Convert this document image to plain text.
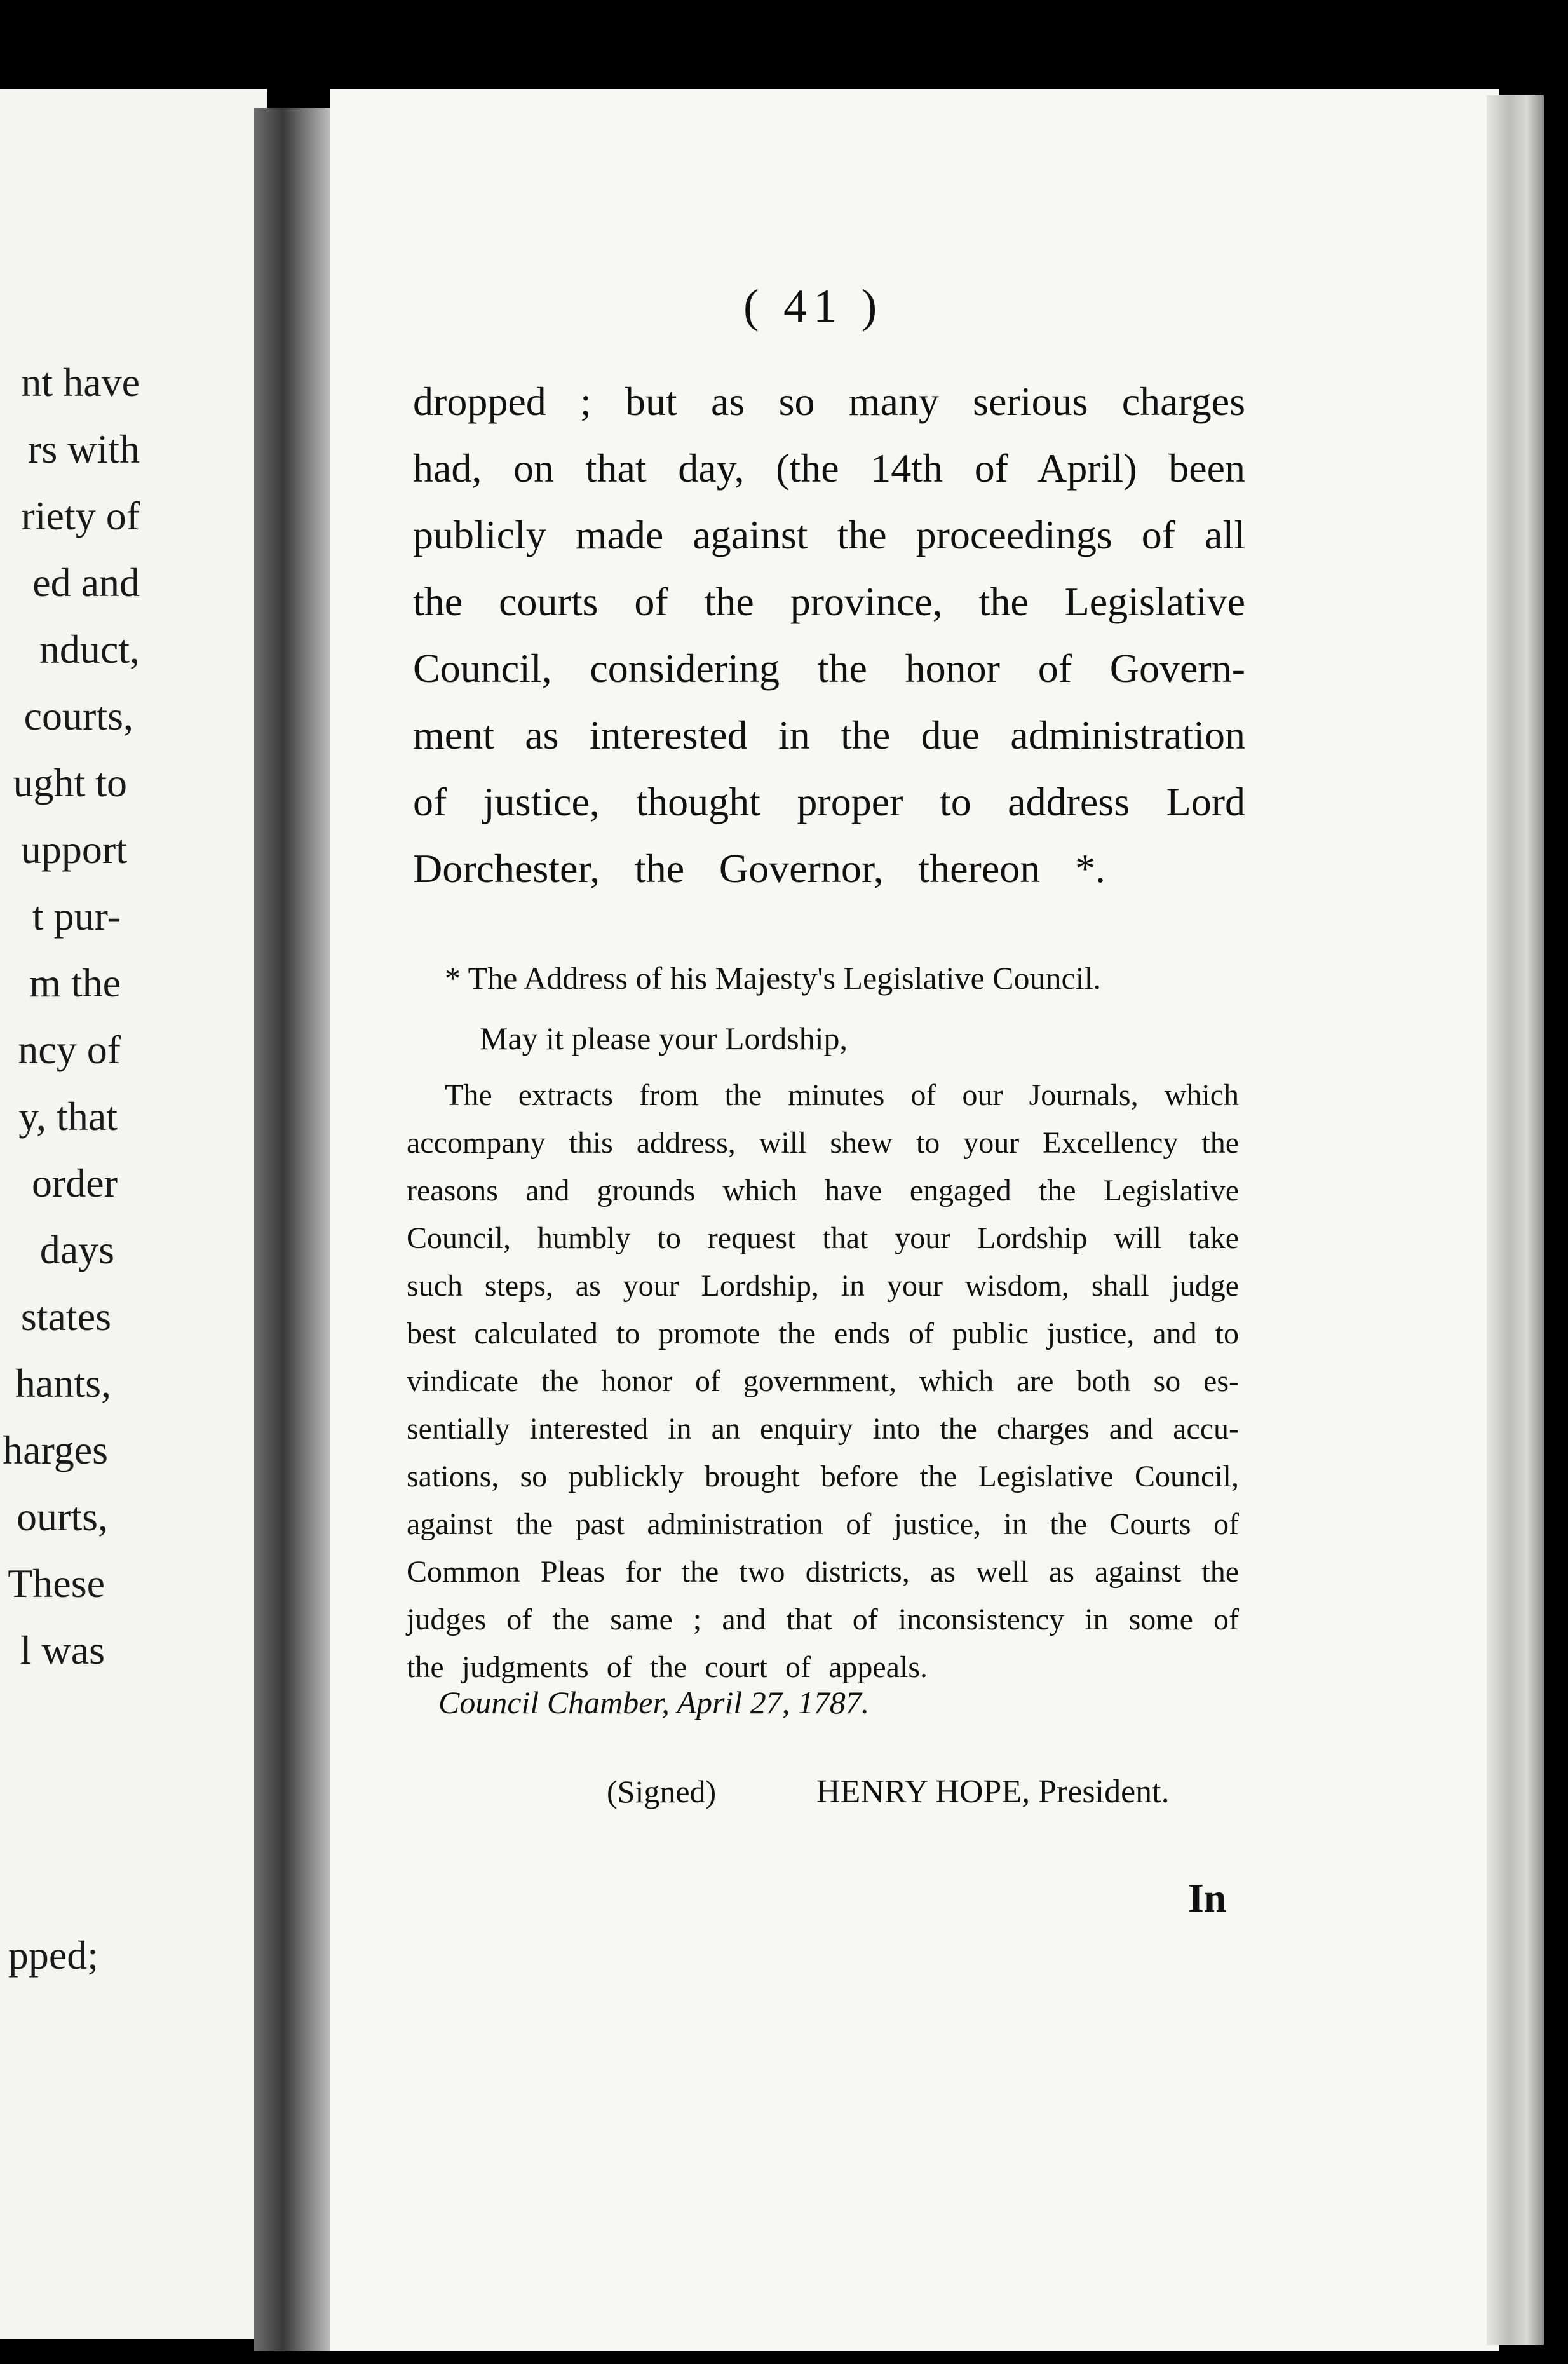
nt have
rs with
riety of
ed and
nduct,
courts,
ught to
upport
t pur-
m the
ncy of
y, that
order
days
states
hants,
harges
ourts,
These
l was
pped;
( 41 )
dropped ; but as so many serious charges
had, on that day, (the 14th of April) been
publicly made against the proceedings of all
the courts of the province, the Legislative
Council, considering the honor of Govern-
ment as interested in the due administration
of justice, thought proper to address Lord
Dorchester, the Governor, thereon *.
* The Address of his Majesty's Legislative Council.
May it please your Lordship,
The extracts from the minutes of our Journals, which
accompany this address, will shew to your Excellency the
reasons and grounds which have engaged the Legislative
Council, humbly to request that your Lordship will take
such steps, as your Lordship, in your wisdom, shall judge
best calculated to promote the ends of public justice, and to
vindicate the honor of government, which are both so es-
sentially interested in an enquiry into the charges and accu-
sations, so publickly brought before the Legislative Council,
against the past administration of justice, in the Courts of
Common Pleas for the two districts, as well as against the
judges of the same ; and that of inconsistency in some of
the judgments of the court of appeals.
Council Chamber, April 27, 1787.
(Signed)	HENRY HOPE, President.
In
